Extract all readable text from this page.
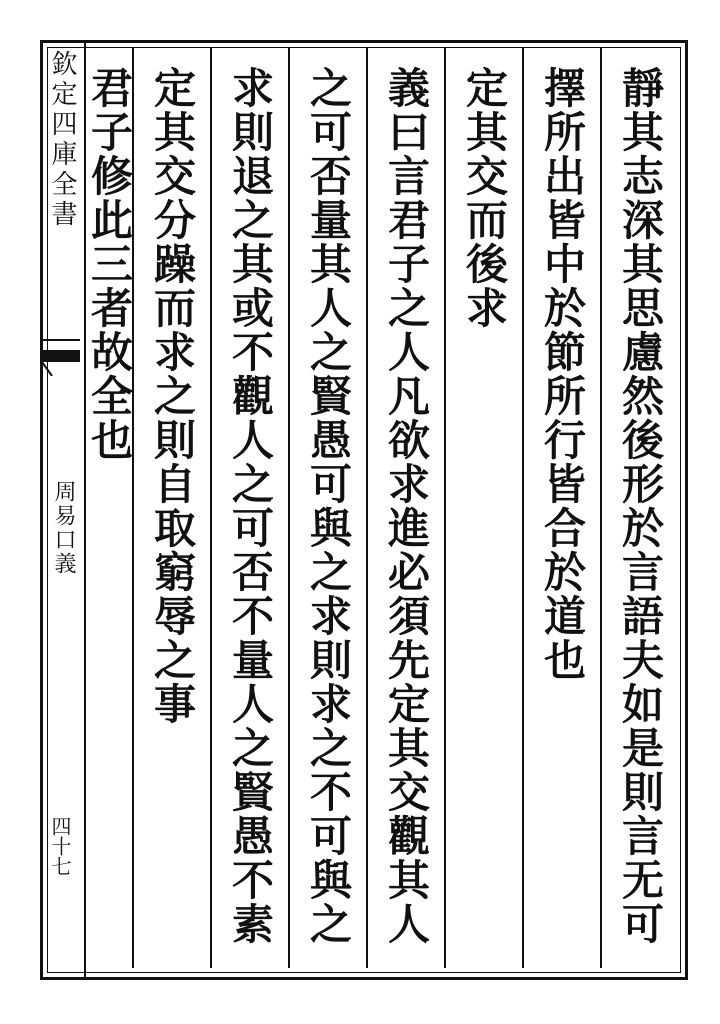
欽定四庫全書
周易口義
四十七	靜其志深其思慮然後形於言語夫如是則言无可
擇所出皆中於節所行皆合於道也
定其交而後求
義曰言君子之人凡欲求進必須先定其交觀其人
之可否量其人之賢愚可與之求則求之不可與之
求則退之其或不觀人之可否不量人之賢愚不素
定其交分躁而求之則自取窮辱之事
君子修此三者故全也
